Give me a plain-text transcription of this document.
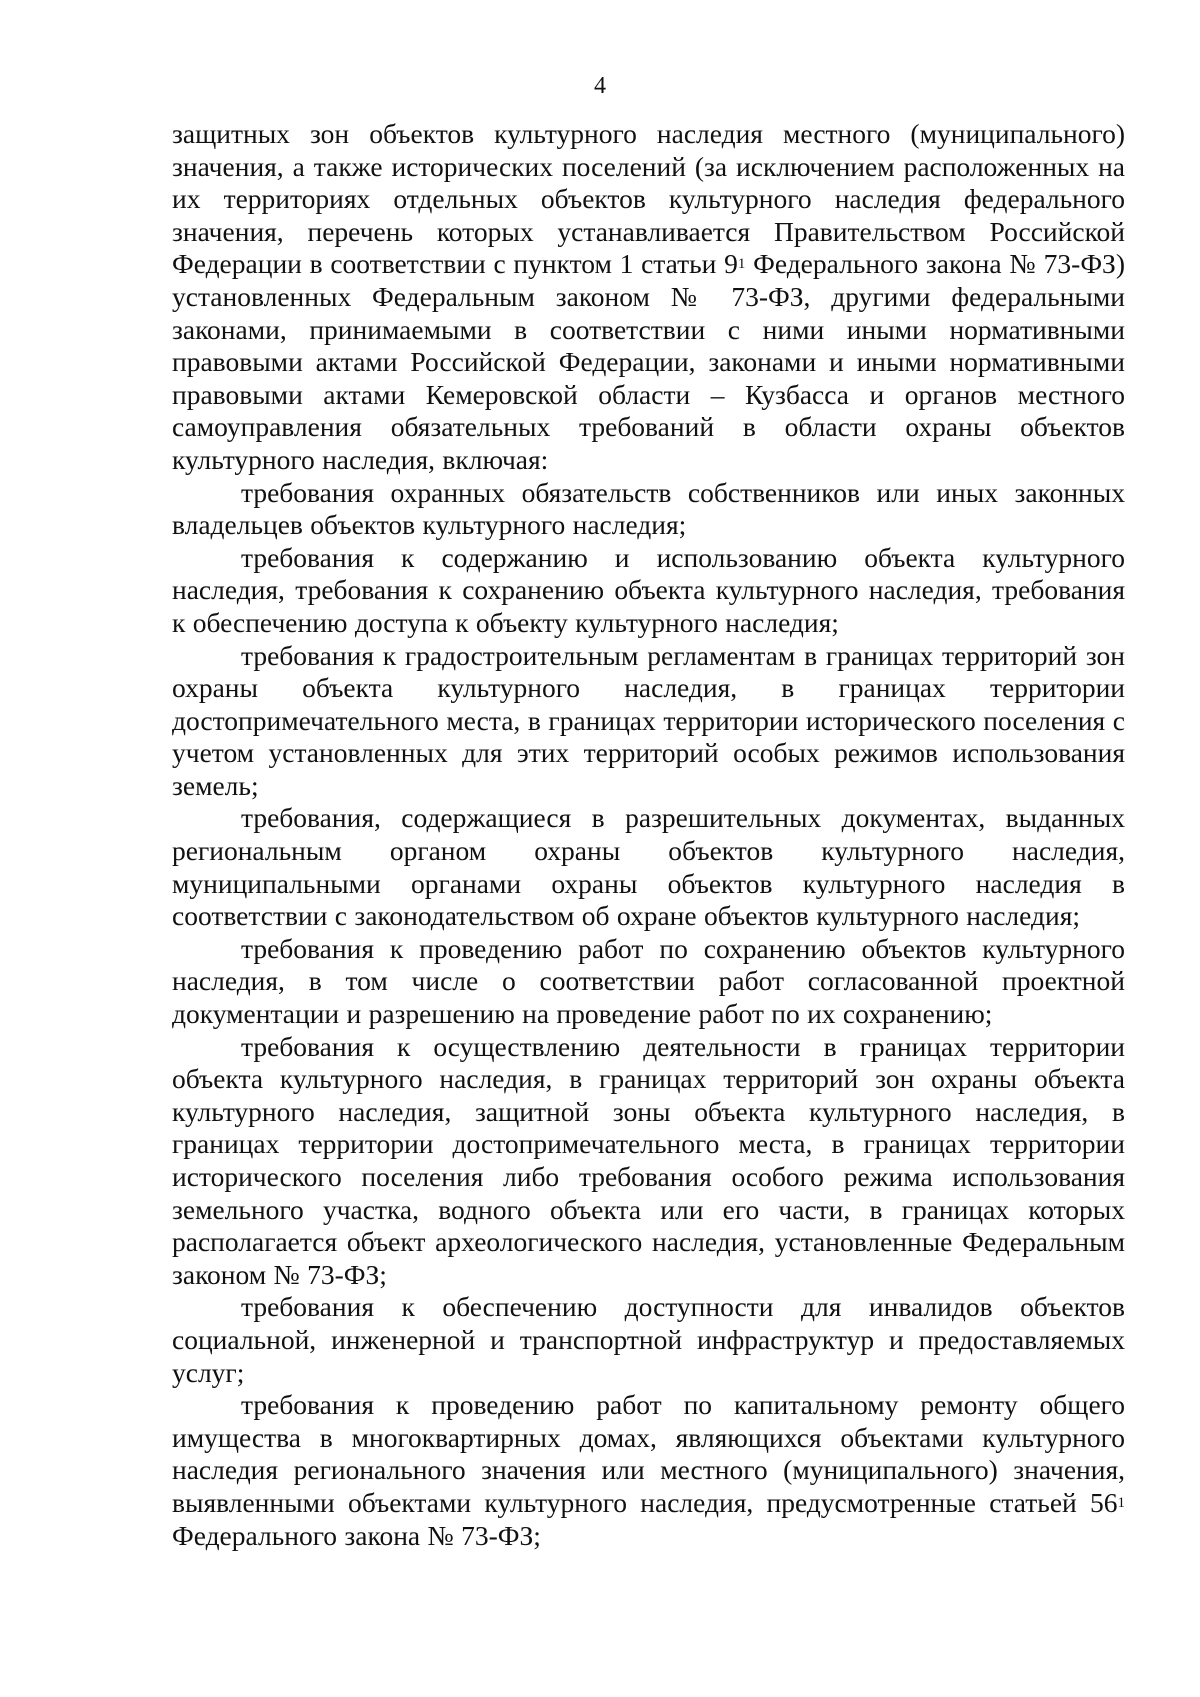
4

защитных зон объектов культурного наследия местного (муниципального) значения, а также исторических поселений (за исключением расположенных на их территориях отдельных объектов культурного наследия федерального значения, перечень которых устанавливается Правительством Российской Федерации в соответствии с пунктом 1 статьи $9^1$ Федерального закона № 73-ФЗ) установленных Федеральным законом № 73-ФЗ, другими федеральными законами, принимаемыми в соответствии с ними иными нормативными правовыми актами Российской Федерации, законами и иными нормативными правовыми актами Кемеровской области – Кузбасса и органов местного самоуправления обязательных требований в области охраны объектов культурного наследия, включая:

требования охранных обязательств собственников или иных законных владельцев объектов культурного наследия;

требования к содержанию и использованию объекта культурного наследия, требования к сохранению объекта культурного наследия, требования к обеспечению доступа к объекту культурного наследия;

требования к градостроительным регламентам в границах территорий зон охраны объекта культурного наследия, в границах территории достопримечательного места, в границах территории исторического поселения с учетом установленных для этих территорий особых режимов использования земель;

требования, содержащиеся в разрешительных документах, выданных региональным органом охраны объектов культурного наследия, муниципальными органами охраны объектов культурного наследия в соответствии с законодательством об охране объектов культурного наследия;

требования к проведению работ по сохранению объектов культурного наследия, в том числе о соответствии работ согласованной проектной документации и разрешению на проведение работ по их сохранению;

требования к осуществлению деятельности в границах территории объекта культурного наследия, в границах территорий зон охраны объекта культурного наследия, защитной зоны объекта культурного наследия, в границах территории достопримечательного места, в границах территории исторического поселения либо требования особого режима использования земельного участка, водного объекта или его части, в границах которых располагается объект археологического наследия, установленные Федеральным законом № 73-ФЗ;

требования к обеспечению доступности для инвалидов объектов социальной, инженерной и транспортной инфраструктур и предоставляемых услуг;

требования к проведению работ по капитальному ремонту общего имущества в многоквартирных домах, являющихся объектами культурного наследия регионального значения или местного (муниципального) значения, выявленными объектами культурного наследия, предусмотренные статьей $56^1$ Федерального закона № 73-ФЗ;
